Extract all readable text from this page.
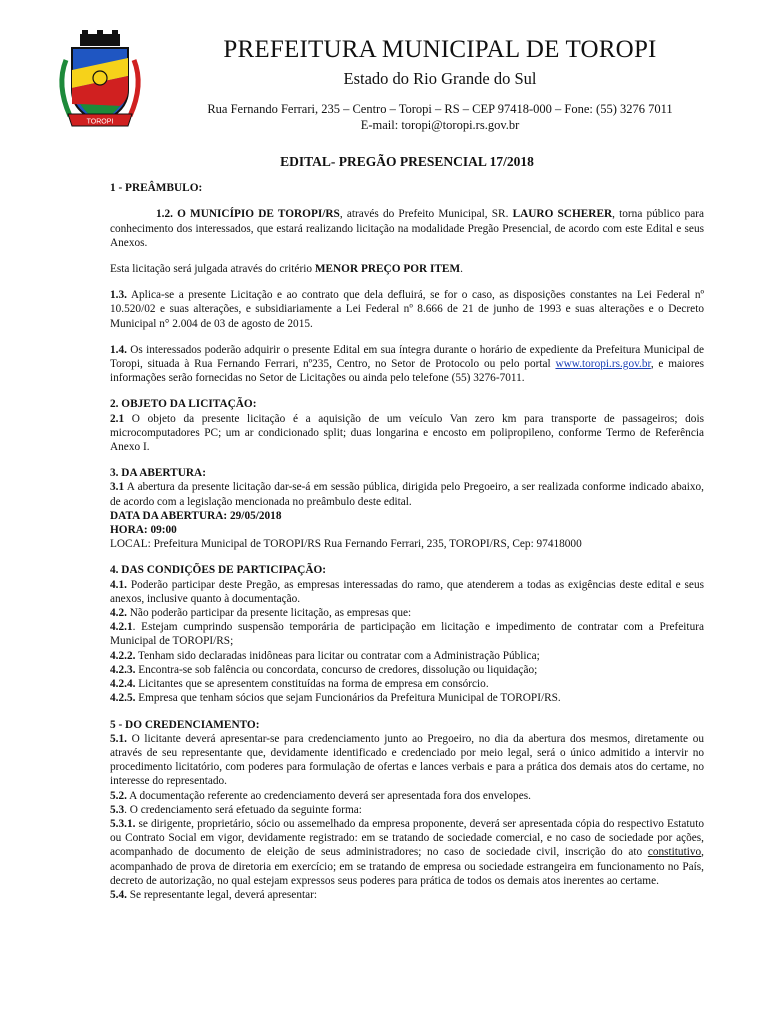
TOROPI
PREFEITURA MUNICIPAL DE TOROPI
Estado do Rio Grande do Sul
Rua Fernando Ferrari, 235 – Centro – Toropi – RS – CEP 97418-000 – Fone: (55) 3276 7011
E-mail: toropi@toropi.rs.gov.br
EDITAL- PREGÃO PRESENCIAL 17/2018

1 - PREÂMBULO:

1.2. O MUNICÍPIO DE TOROPI/RS, através do Prefeito Municipal, SR. LAURO SCHERER, torna público para conhecimento dos interessados, que estará realizando licitação na modalidade Pregão Presencial, de acordo com este Edital e seus Anexos.

Esta licitação será julgada através do critério MENOR PREÇO POR ITEM.

1.3. Aplica-se a presente Licitação e ao contrato que dela defluirá, se for o caso, as disposições constantes na Lei Federal nº 10.520/02 e suas alterações, e subsidiariamente a Lei Federal nº 8.666 de 21 de junho de 1993 e suas alterações e o Decreto Municipal n° 2.004 de 03 de agosto de 2015.

1.4. Os interessados poderão adquirir o presente Edital em sua íntegra durante o horário de expediente da Prefeitura Municipal de Toropi, situada à Rua Fernando Ferrari, nº235, Centro, no Setor de Protocolo ou pelo portal www.toropi.rs.gov.br, e maiores informações serão fornecidas no Setor de Licitações ou ainda pelo telefone (55) 3276-7011.

2. OBJETO DA LICITAÇÃO:

2.1 O objeto da presente licitação é a aquisição de um veículo Van zero km para transporte de passageiros; dois microcomputadores PC; um ar condicionado split; duas longarina e encosto em polipropileno, conforme Termo de Referência Anexo I.

3. DA ABERTURA:

3.1 A abertura da presente licitação dar-se-á em sessão pública, dirigida pelo Pregoeiro, a ser realizada conforme indicado abaixo, de acordo com a legislação mencionada no preâmbulo deste edital.

DATA DA ABERTURA: 29/05/2018

HORA: 09:00

LOCAL: Prefeitura Municipal de TOROPI/RS Rua Fernando Ferrari, 235, TOROPI/RS, Cep: 97418000

4. DAS CONDIÇÕES DE PARTICIPAÇÃO:

4.1. Poderão participar deste Pregão, as empresas interessadas do ramo, que atenderem a todas as exigências deste edital e seus anexos, inclusive quanto à documentação.

4.2. Não poderão participar da presente licitação, as empresas que:

4.2.1. Estejam cumprindo suspensão temporária de participação em licitação e impedimento de contratar com a Prefeitura Municipal de TOROPI/RS;

4.2.2. Tenham sido declaradas inidôneas para licitar ou contratar com a Administração Pública;

4.2.3. Encontra-se sob falência ou concordata, concurso de credores, dissolução ou liquidação;

4.2.4. Licitantes que se apresentem constituídas na forma de empresa em consórcio.

4.2.5. Empresa que tenham sócios que sejam Funcionários da Prefeitura Municipal de TOROPI/RS.

5 - DO CREDENCIAMENTO:

5.1. O licitante deverá apresentar-se para credenciamento junto ao Pregoeiro, no dia da abertura dos mesmos, diretamente ou através de seu representante que, devidamente identificado e credenciado por meio legal, será o único admitido a intervir no procedimento licitatório, com poderes para formulação de ofertas e lances verbais e para a prática dos demais atos do certame, no interesse do representado.

5.2. A documentação referente ao credenciamento deverá ser apresentada fora dos envelopes.

5.3. O credenciamento será efetuado da seguinte forma:

5.3.1. se dirigente, proprietário, sócio ou assemelhado da empresa proponente, deverá ser apresentada cópia do respectivo Estatuto ou Contrato Social em vigor, devidamente registrado: em se tratando de sociedade comercial, e no caso de sociedade por ações, acompanhado de documento de eleição de seus administradores; no caso de sociedade civil, inscrição do ato constitutivo, acompanhado de prova de diretoria em exercício; em se tratando de empresa ou sociedade estrangeira em funcionamento no País, decreto de autorização, no qual estejam expressos seus poderes para prática de todos os demais atos inerentes ao certame.

5.4. Se representante legal, deverá apresentar:
